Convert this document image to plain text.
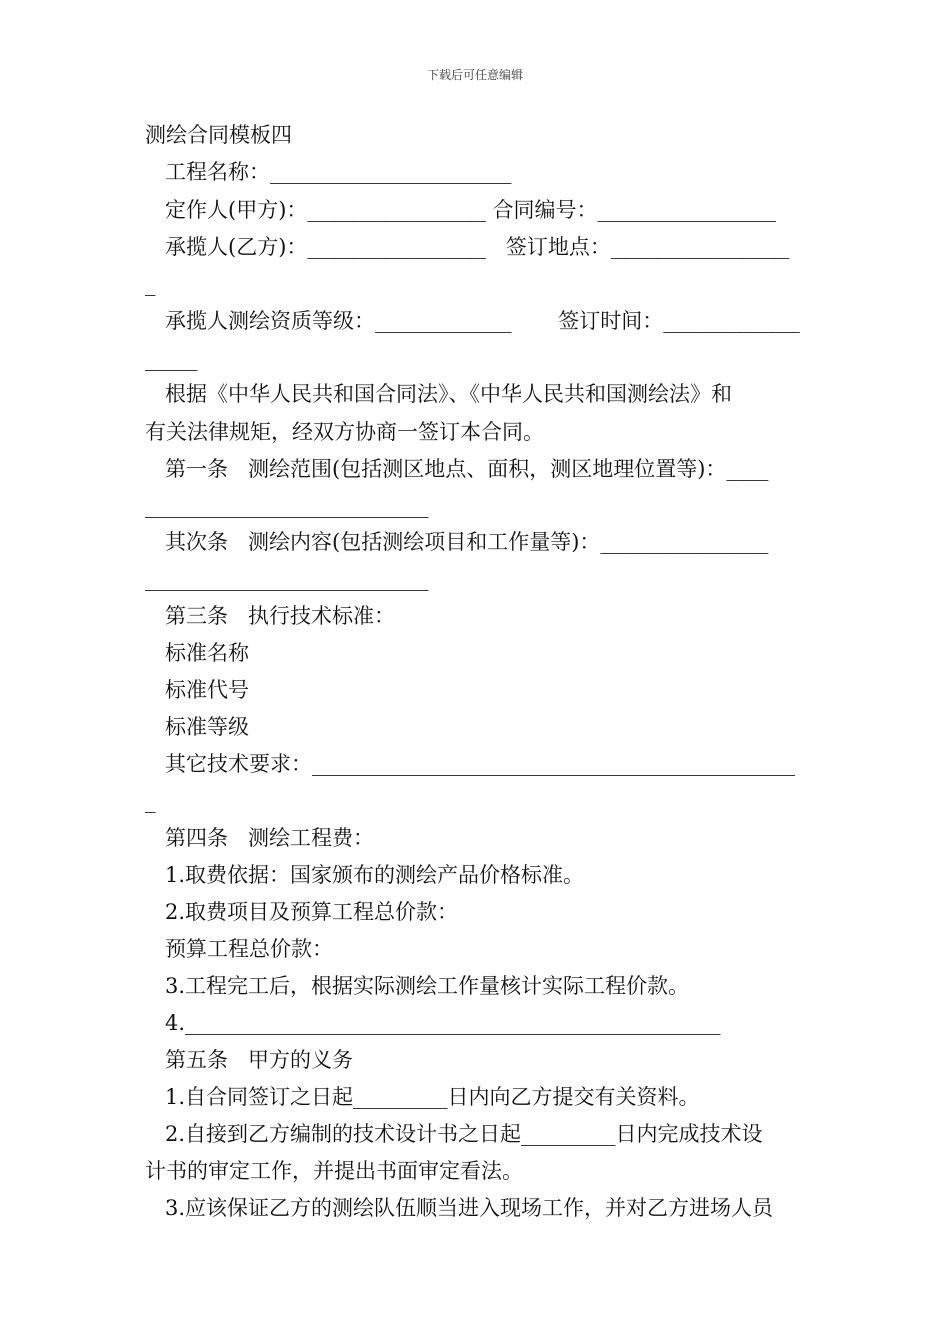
下载后可任意编辑
测绘合同模板四
工程名称：_______________________
定作人(甲方)：_________________ 合同编号：_________________
承揽人(乙方)：_________________   签订地点：_________________
_
承揽人测绘资质等级：_____________       签订时间：_____________
_____
根据《中华人民共和国合同法》、《中华人民共和国测绘法》和
有关法律规矩，经双方协商一签订本合同。
第一条   测绘范围(包括测区地点、面积，测区地理位置等)：____
___________________________
其次条   测绘内容(包括测绘项目和工作量等)：________________
___________________________
第三条   执行技术标准：
标准名称
标准代号
标准等级
其它技术要求：______________________________________________
_
第四条   测绘工程费：
1.取费依据：国家颁布的测绘产品价格标准。
2.取费项目及预算工程总价款：
预算工程总价款：
3.工程完工后，根据实际测绘工作量核计实际工程价款。
4.___________________________________________________
第五条   甲方的义务
1.自合同签订之日起_________日内向乙方提交有关资料。
2.自接到乙方编制的技术设计书之日起_________日内完成技术设
计书的审定工作，并提出书面审定看法。
3.应该保证乙方的测绘队伍顺当进入现场工作，并对乙方进场人员
